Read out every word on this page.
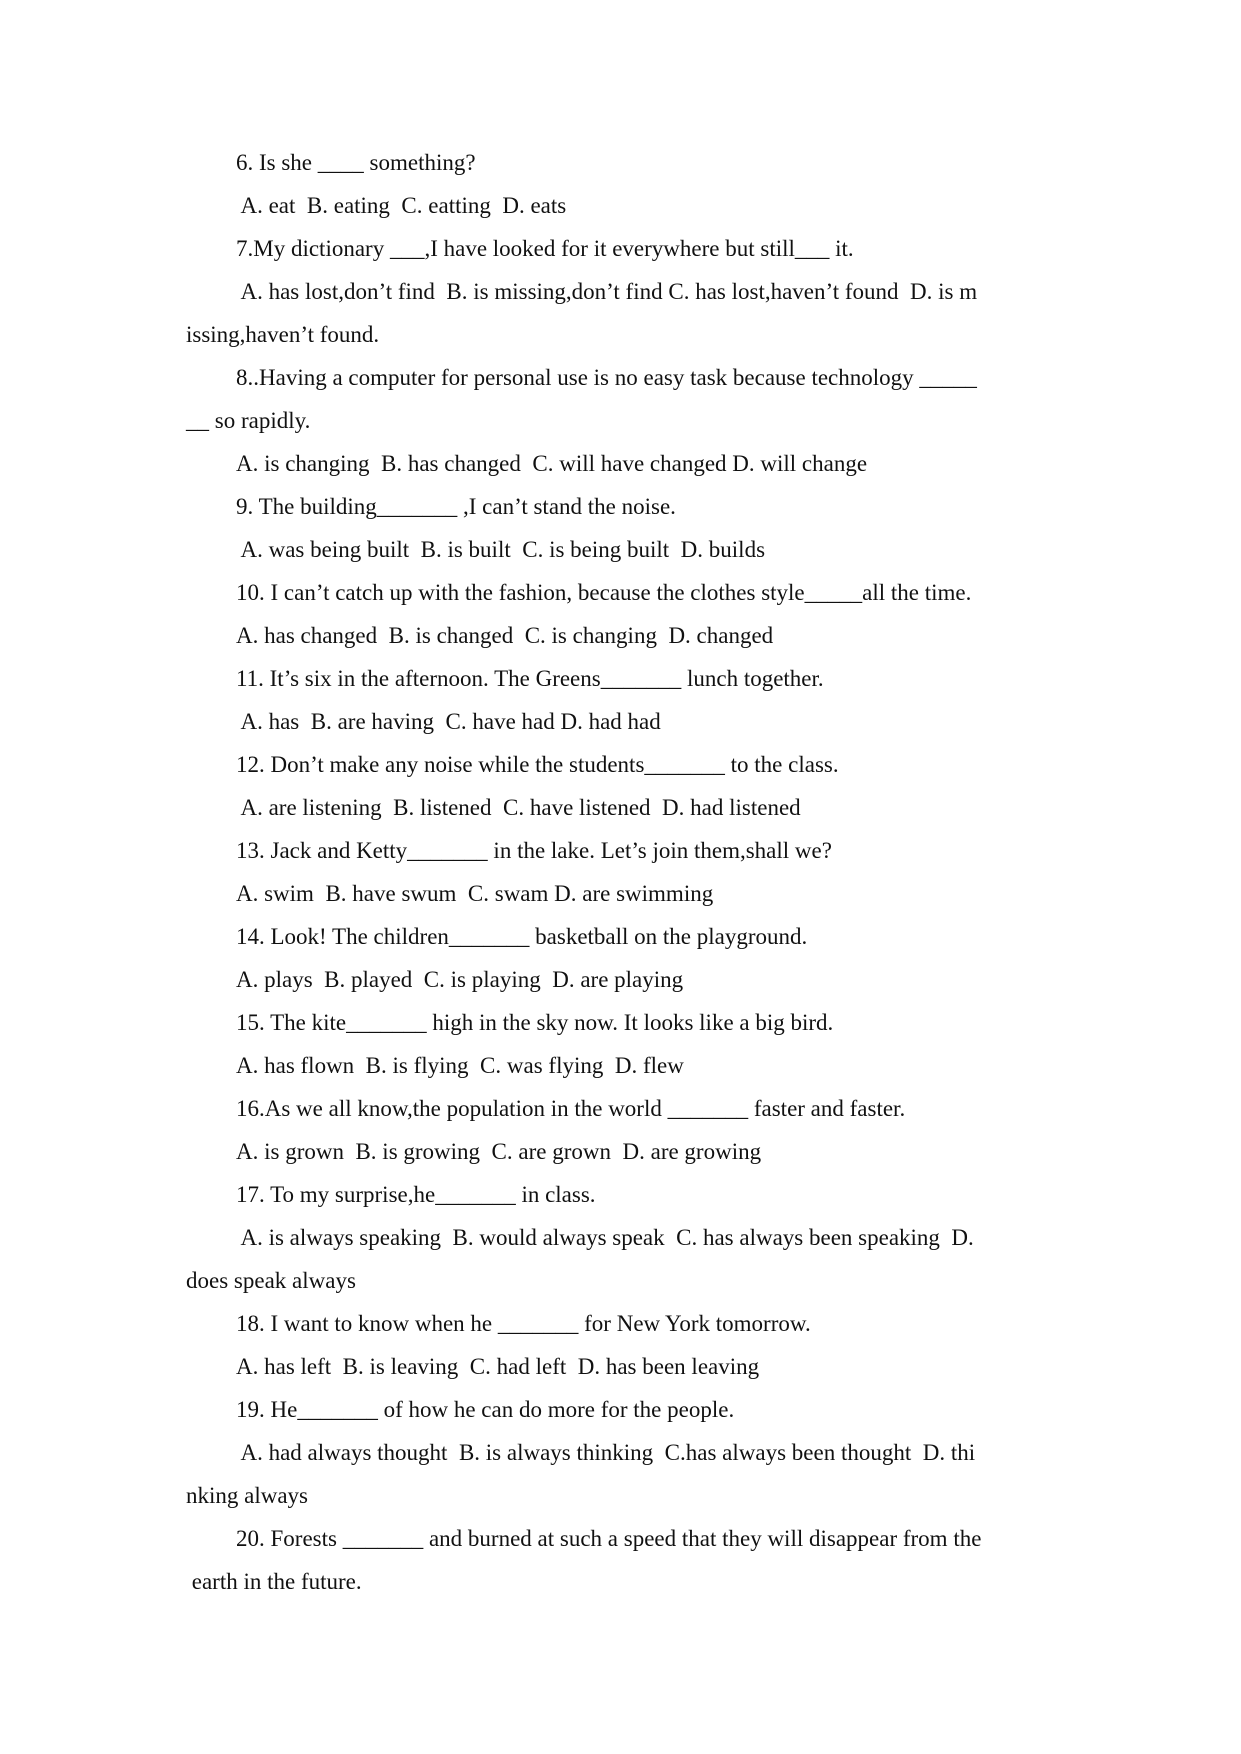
6. Is she ____ something?
A. eat  B. eating  C. eatting  D. eats
7.My dictionary ___,I have looked for it everywhere but still___ it.
A. has lost,don’t find  B. is missing,don’t find C. has lost,haven’t found  D. is m
issing,haven’t found.
8..Having a computer for personal use is no easy task because technology _____
__ so rapidly.
A. is changing  B. has changed  C. will have changed D. will change
9. The building_______ ,I can’t stand the noise.
A. was being built  B. is built  C. is being built  D. builds
10. I can’t catch up with the fashion, because the clothes style_____all the time.
A. has changed  B. is changed  C. is changing  D. changed
11. It’s six in the afternoon. The Greens_______ lunch together.
A. has  B. are having  C. have had D. had had
12. Don’t make any noise while the students_______ to the class.
A. are listening  B. listened  C. have listened  D. had listened
13. Jack and Ketty_______ in the lake. Let’s join them,shall we?
A. swim  B. have swum  C. swam D. are swimming
14. Look! The children_______ basketball on the playground.
A. plays  B. played  C. is playing  D. are playing
15. The kite_______ high in the sky now. It looks like a big bird.
A. has flown  B. is flying  C. was flying  D. flew
16.As we all know,the population in the world _______ faster and faster.
A. is grown  B. is growing  C. are grown  D. are growing
17. To my surprise,he_______ in class.
A. is always speaking  B. would always speak  C. has always been speaking  D.
does speak always
18. I want to know when he _______ for New York tomorrow.
A. has left  B. is leaving  C. had left  D. has been leaving
19. He_______ of how he can do more for the people.
A. had always thought  B. is always thinking  C.has always been thought  D. thi
nking always
20. Forests _______ and burned at such a speed that they will disappear from the
earth in the future.
